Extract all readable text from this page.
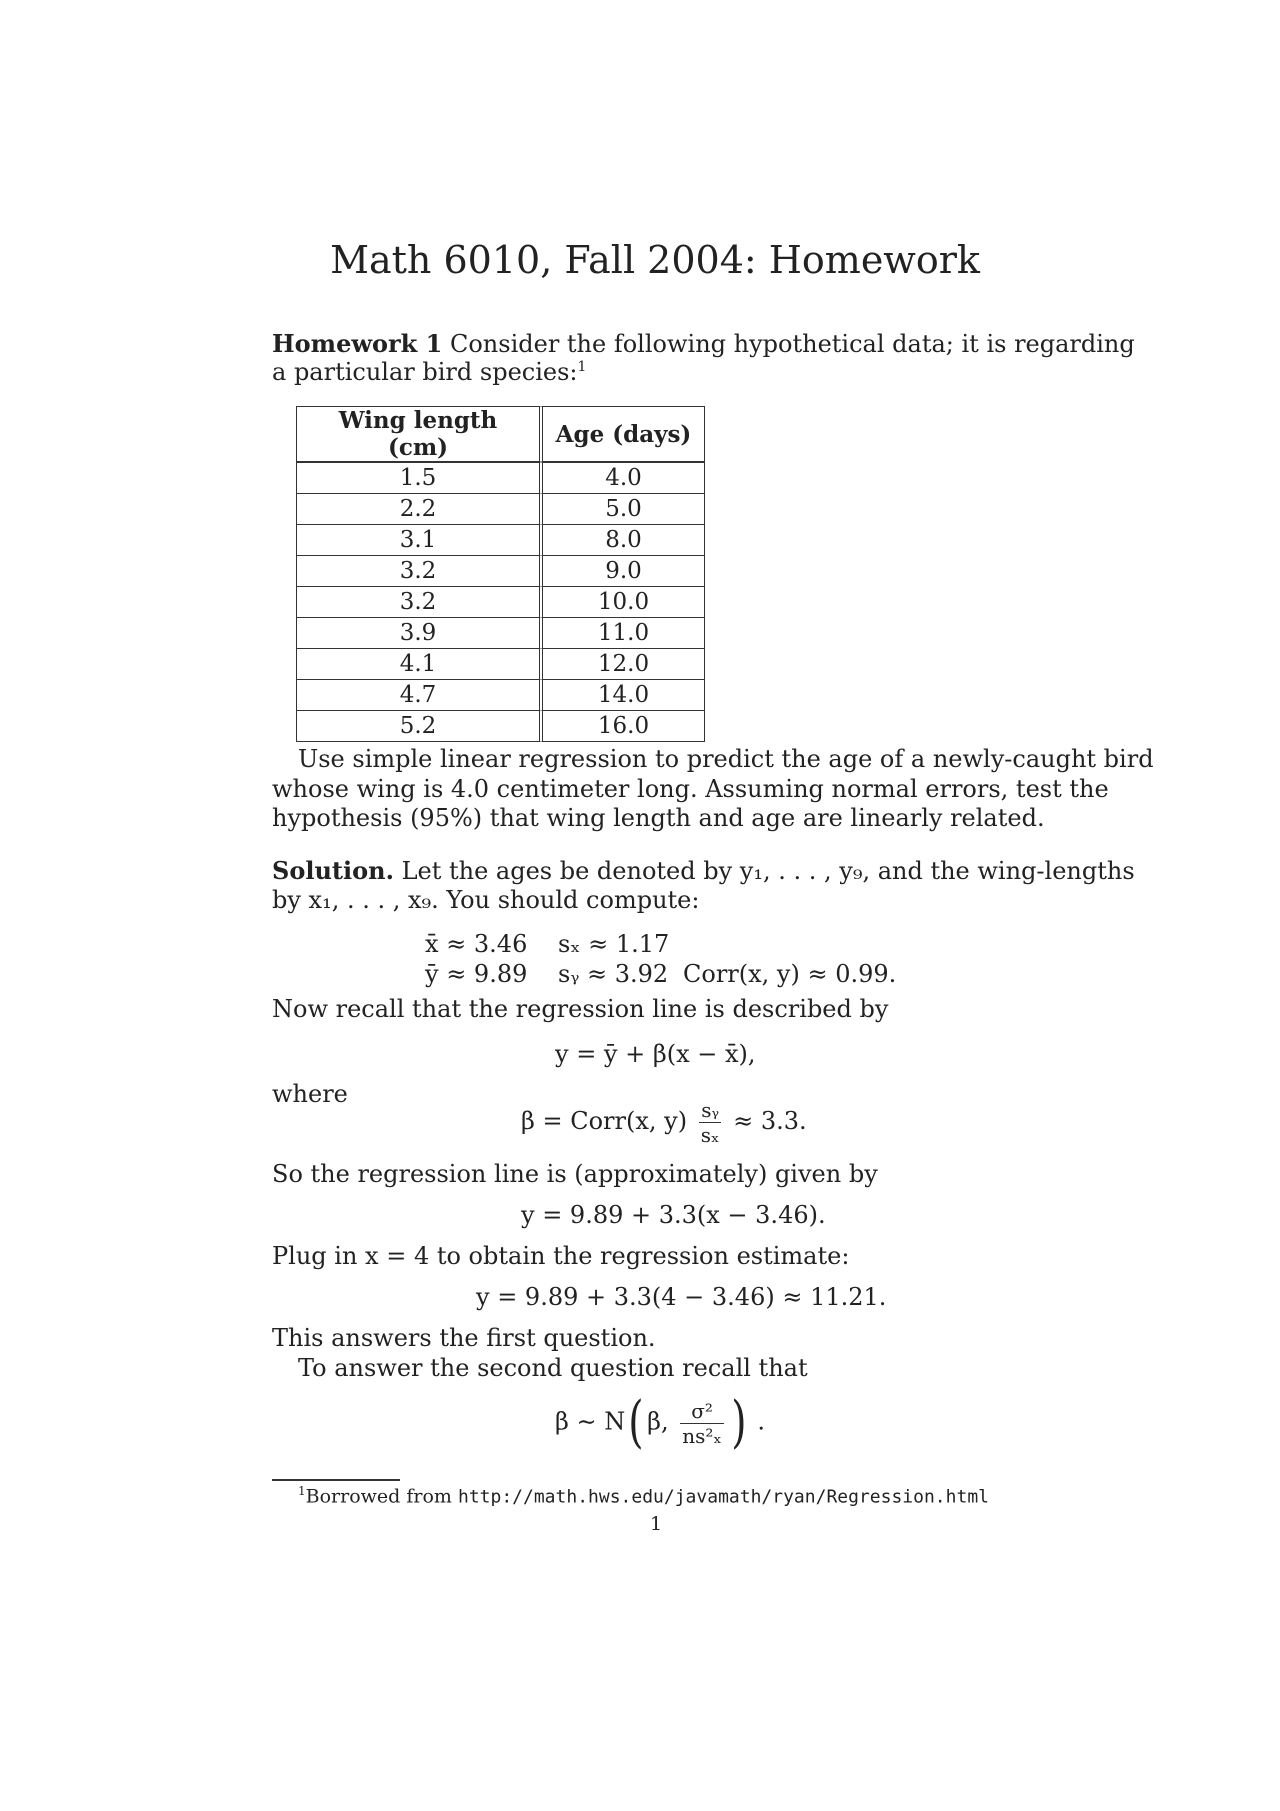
Math 6010, Fall 2004: Homework
Homework 1 Consider the following hypothetical data; it is regarding
a particular bird species:$^1$
Wing length (cm)	Age (days)
1.5	4.0
2.2	5.0
3.1	8.0
3.2	9.0
3.2	10.0
3.9	11.0
4.1	12.0
4.7	14.0
5.2	16.0
Use simple linear regression to predict the age of a newly-caught bird
whose wing is 4.0 centimeter long. Assuming normal errors, test the
hypothesis (95%) that wing length and age are linearly related.
Solution. Let the ages be denoted by y₁, . . . , y₉, and the wing-lengths
by x₁, . . . , x₉. You should compute:
x̄ ≈ 3.46 sₓ ≈ 1.17
ȳ ≈ 9.89 sᵧ ≈ 3.92 Corr(x, y) ≈ 0.99.
Now recall that the regression line is described by
y = ȳ + β(x − x̄),
where
β = Corr(x, $y) \frac{\text{sᵧ}}{\text{sₓ}} \approx 3.3$.
So the regression line is (approximately) given by
y = 9.89 + 3.3(x − 3.46).
Plug in x = 4 to obtain the regression estimate:
y = 9.89 + 3.3(4 − 3.46) ≈ 11.21.
This answers the first question.
To answer the second question recall that
β ∼ N( β, $\frac{\text{σ²}}{\text{ns²ₓ}}$ ) .
$^1$Borrowed from http://math.hws.edu/javamath/ryan/Regression.html
1
